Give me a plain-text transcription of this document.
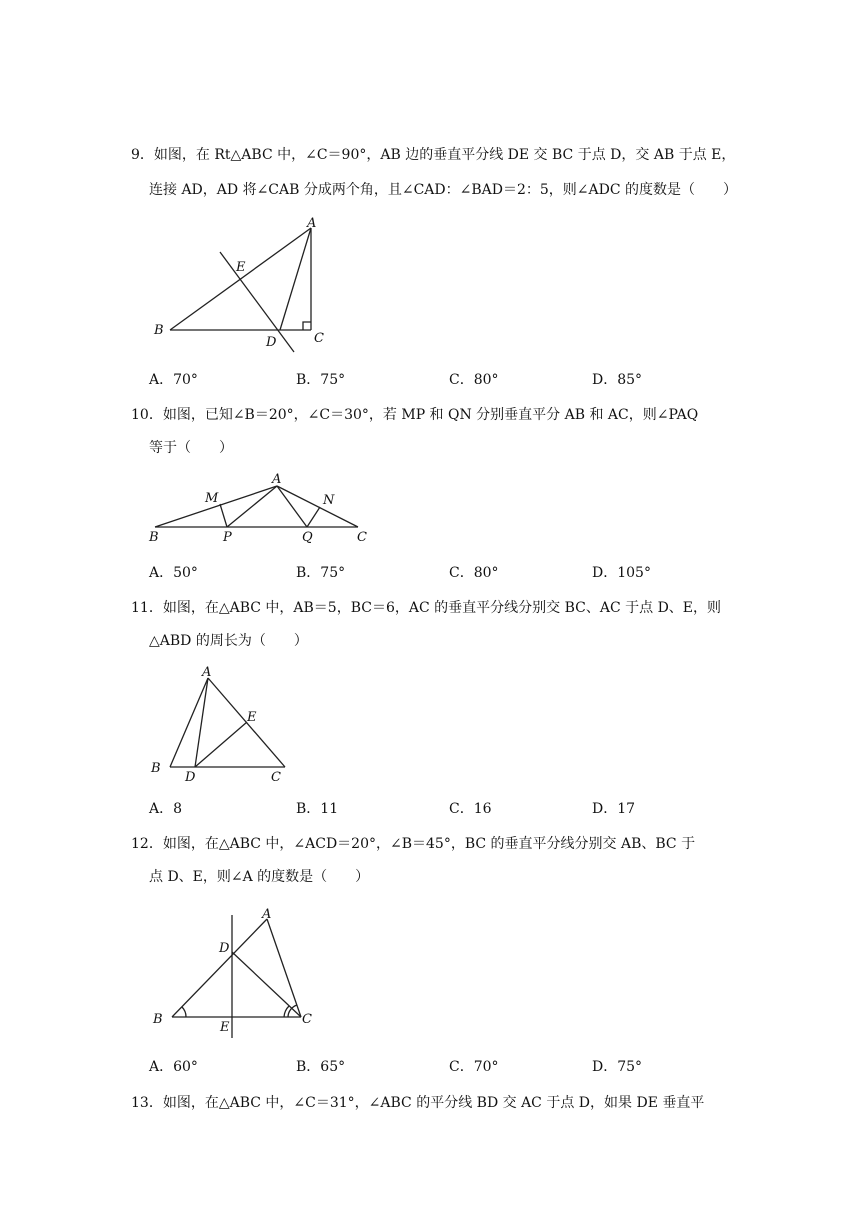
9．如图，在 Rt△ABC 中，∠C＝90°，AB 边的垂直平分线 DE 交 BC 于点 D，交 AB 于点 E，
连接 AD，AD 将∠CAB 分成两个角，且∠CAD：∠BAD＝2：5，则∠ADC 的度数是（　　）
A
E
B
D	C
A．70°	B．75°	C．80°	D．85°
10．如图，已知∠B＝20°，∠C＝30°，若 MP 和 QN 分别垂直平分 AB 和 AC，则∠PAQ
等于（　　）
A
M	N
B	P	Q	C
A．50°	B．75°	C．80°	D．105°
11．如图，在△ABC 中，AB＝5，BC＝6，AC 的垂直平分线分别交 BC、AC 于点 D、E，则
△ABD 的周长为（　　）
A
E
B
D	C
A．8	B．11	C．16	D．17
12．如图，在△ABC 中，∠ACD＝20°，∠B＝45°，BC 的垂直平分线分别交 AB、BC 于
点 D、E，则∠A 的度数是（　　）
A
D
B
E
C
A．60°	B．65°	C．70°	D．75°
13．如图，在△ABC 中，∠C＝31°，∠ABC 的平分线 BD 交 AC 于点 D，如果 DE 垂直平
